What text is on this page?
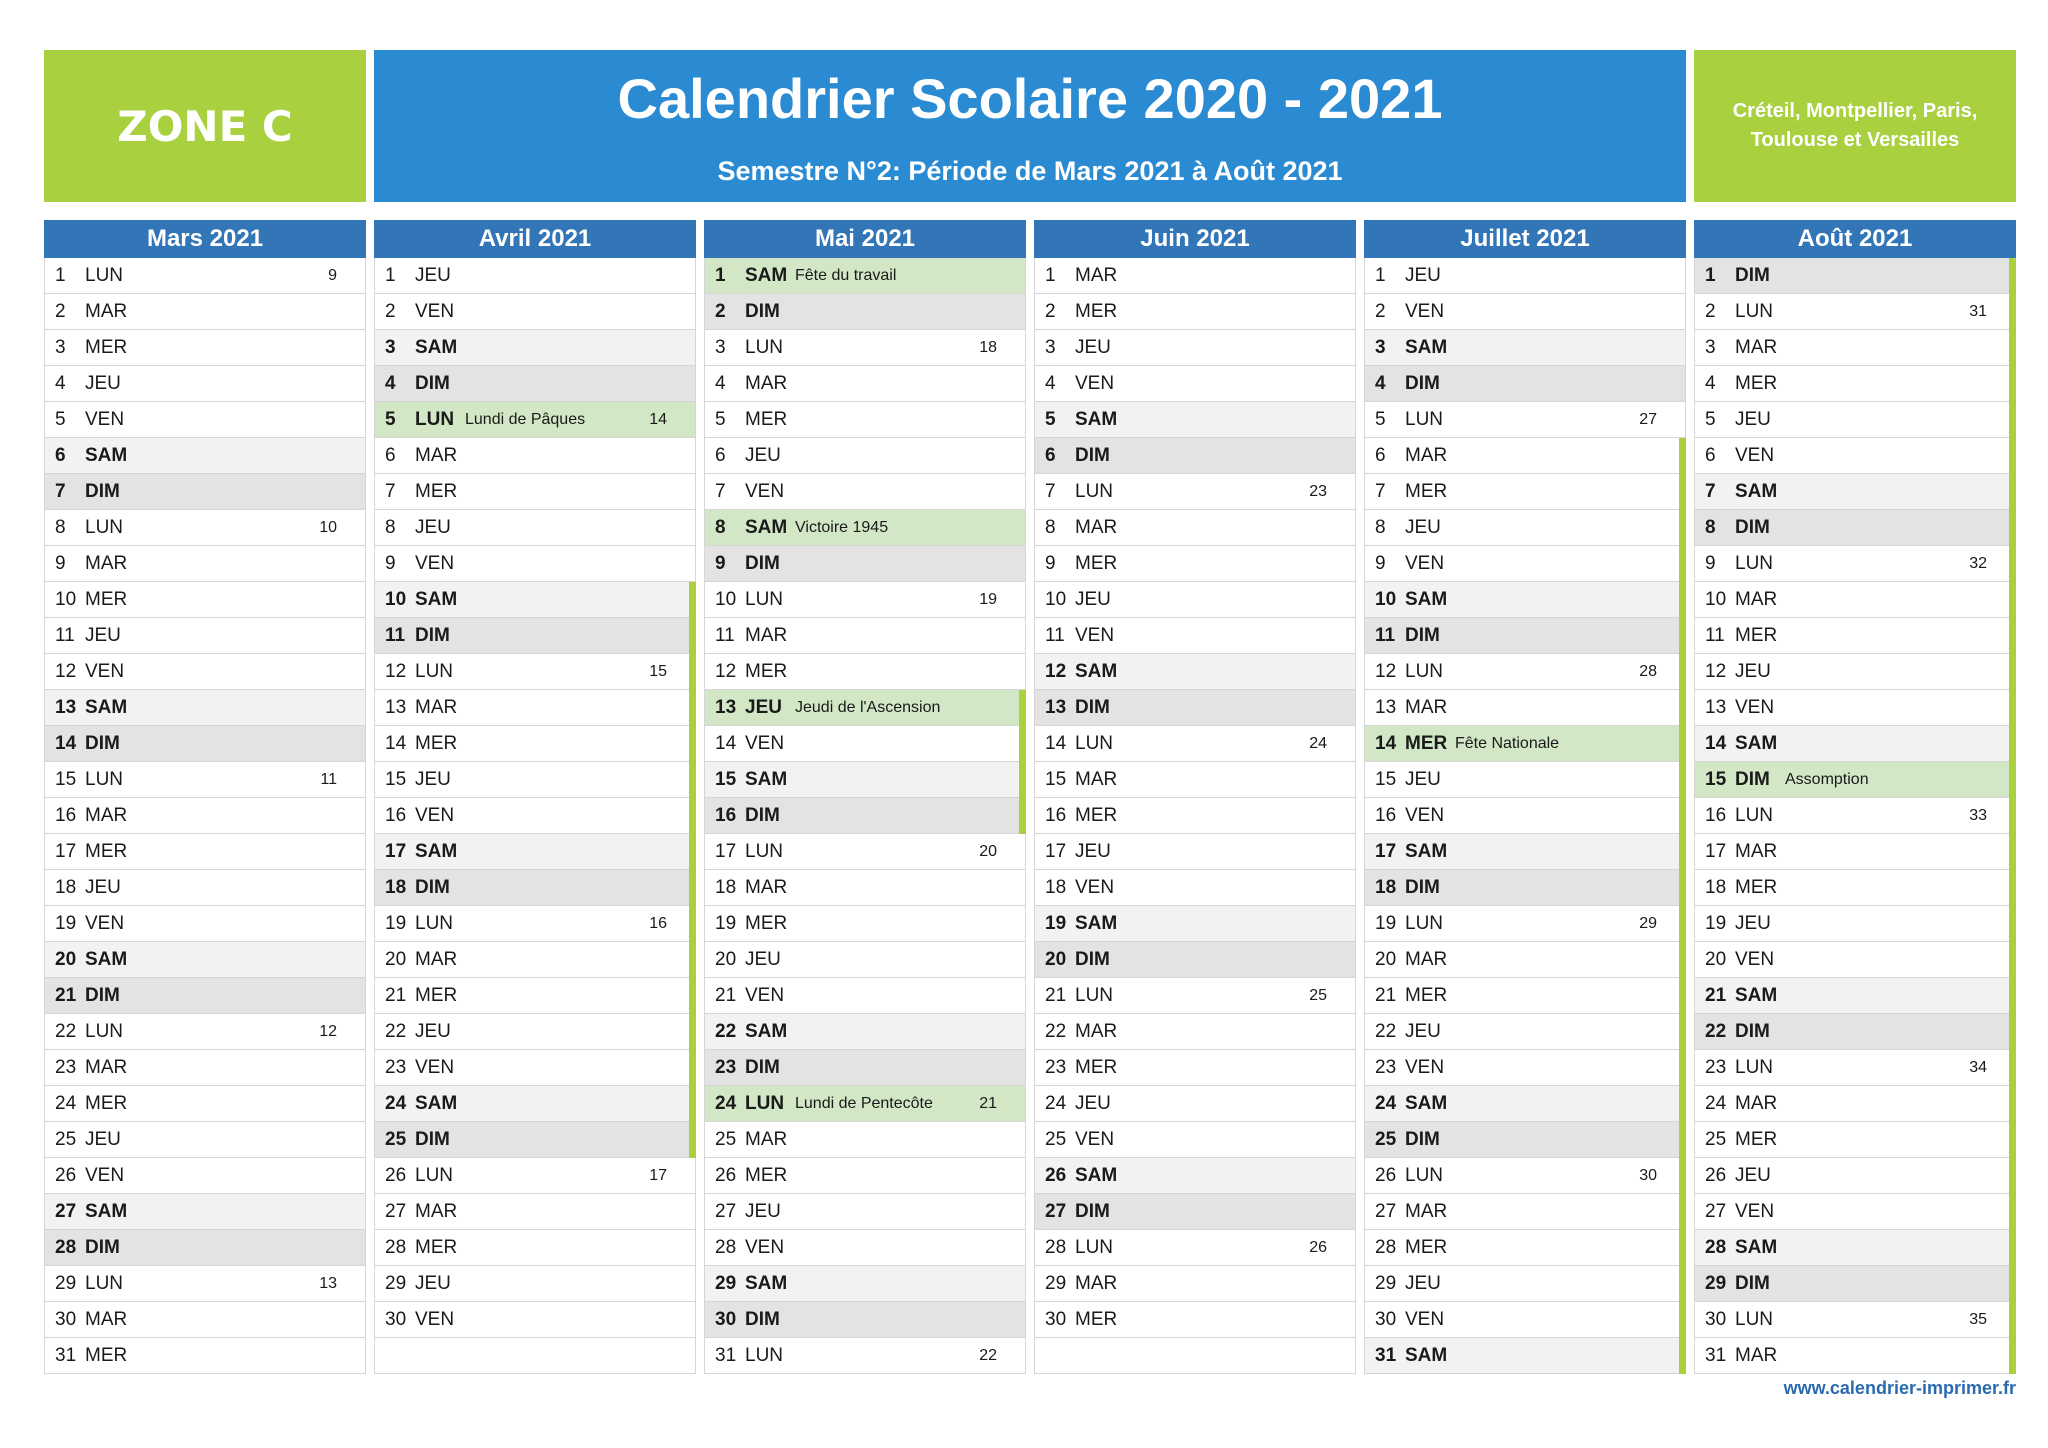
ZONE C	Calendrier Scolaire 2020 - 2021
Semestre N°2: Période de Mars 2021 à Août 2021
Créteil, Montpellier, Paris, Toulouse et Versailles
Mars 2021
1 LUN	9
2 MAR
3 MER
4 JEU
5 VEN
6 SAM
7 DIM
8 LUN	10
9 MAR
10 MER
11 JEU
12 VEN
13 SAM
14 DIM
15 LUN	11
16 MAR
17 MER
18 JEU
19 VEN
20 SAM
21 DIM
22 LUN	12
23 MAR
24 MER
25 JEU
26 VEN
27 SAM
28 DIM
29 LUN	13
30 MAR
31 MER
Avril 2021
1 JEU
2 VEN
3 SAM
4 DIM
5 LUN Lundi de Pâques	14
6 MAR
7 MER
8 JEU
9 VEN
10 SAM
11 DIM
12 LUN	15
13 MAR
14 MER
15 JEU
16 VEN
17 SAM
18 DIM
19 LUN	16
20 MAR
21 MER
22 JEU
23 VEN
24 SAM
25 DIM
26 LUN	17
27 MAR
28 MER
29 JEU
30 VEN
Mai 2021
1 SAM Fête du travail
2 DIM
3 LUN	18
4 MAR
5 MER
6 JEU
7 VEN
8 SAM Victoire 1945
9 DIM
10 LUN	19
11 MAR
12 MER
13 JEU Jeudi de l'Ascension
14 VEN
15 SAM
16 DIM
17 LUN	20
18 MAR
19 MER
20 JEU
21 VEN
22 SAM
23 DIM
24 LUN Lundi de Pentecôte	21
25 MAR
26 MER
27 JEU
28 VEN
29 SAM
30 DIM
31 LUN	22
Juin 2021
1 MAR
2 MER
3 JEU
4 VEN
5 SAM
6 DIM
7 LUN	23
8 MAR
9 MER
10 JEU
11 VEN
12 SAM
13 DIM
14 LUN	24
15 MAR
16 MER
17 JEU
18 VEN
19 SAM
20 DIM
21 LUN	25
22 MAR
23 MER
24 JEU
25 VEN
26 SAM
27 DIM
28 LUN	26
29 MAR
30 MER
Juillet 2021
1 JEU
2 VEN
3 SAM
4 DIM
5 LUN	27
6 MAR
7 MER
8 JEU
9 VEN
10 SAM
11 DIM
12 LUN	28
13 MAR
14 MER Fête Nationale
15 JEU
16 VEN
17 SAM
18 DIM
19 LUN	29
20 MAR
21 MER
22 JEU
23 VEN
24 SAM
25 DIM
26 LUN	30
27 MAR
28 MER
29 JEU
30 VEN
31 SAM
Août 2021
1 DIM
2 LUN	31
3 MAR
4 MER
5 JEU
6 VEN
7 SAM
8 DIM
9 LUN	32
10 MAR
11 MER
12 JEU
13 VEN
14 SAM
15 DIM Assomption
16 LUN	33
17 MAR
18 MER
19 JEU
20 VEN
21 SAM
22 DIM
23 LUN	34
24 MAR
25 MER
26 JEU
27 VEN
28 SAM
29 DIM
30 LUN	35
31 MAR
www.calendrier-imprimer.fr
